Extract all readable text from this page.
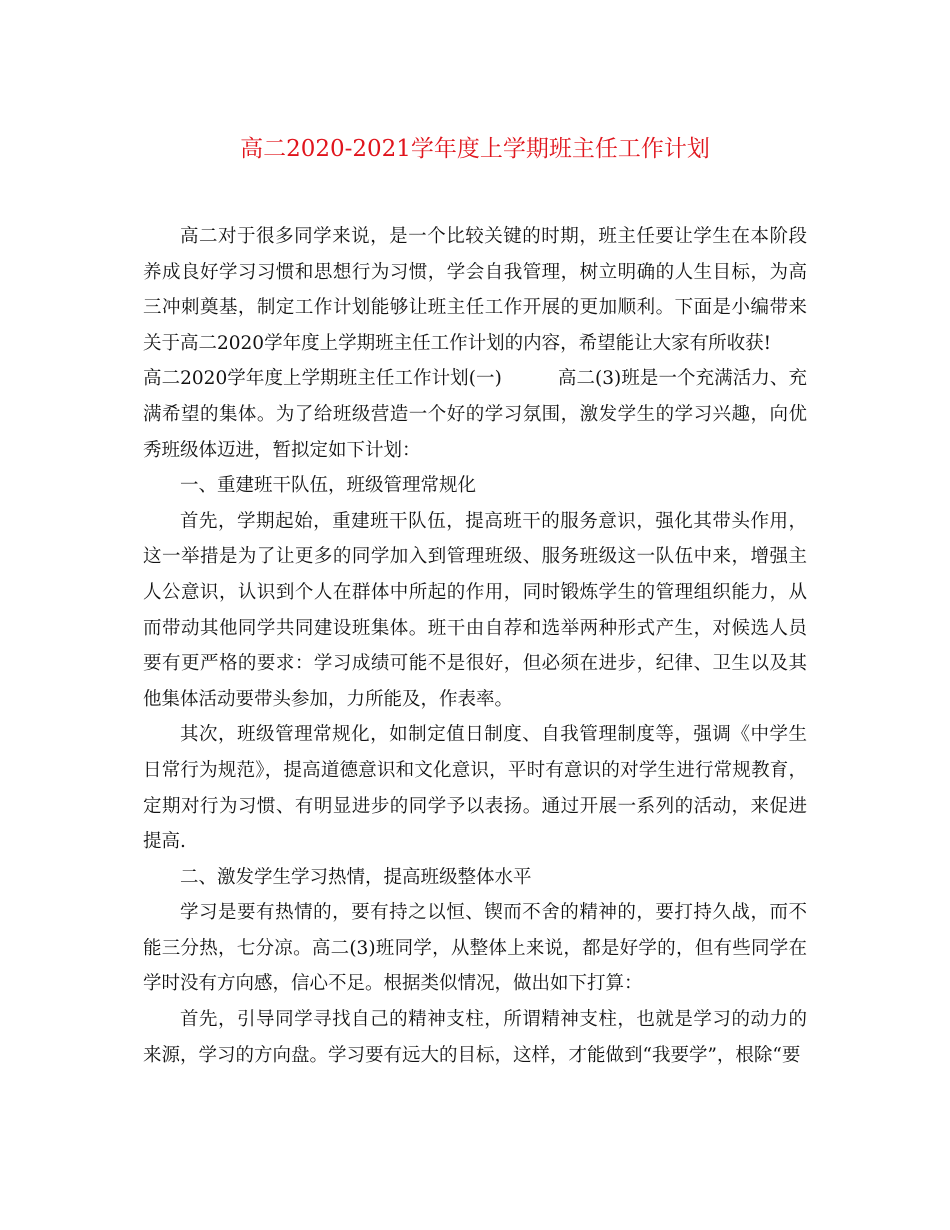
高二2020-2021学年度上学期班主任工作计划

高二对于很多同学来说，是一个比较关键的时期，班主任要让学生在本阶段养成良好学习习惯和思想行为习惯，学会自我管理，树立明确的人生目标，为高三冲刺奠基，制定工作计划能够让班主任工作开展的更加顺利。下面是小编带来关于高二2020学年度上学期班主任工作计划的内容，希望能让大家有所收获!

高二2020学年度上学期班主任工作计划(一)	高二(3)班是一个充满活力、充满希望的集体。为了给班级营造一个好的学习氛围，激发学生的学习兴趣，向优秀班级体迈进，暂拟定如下计划：

一、重建班干队伍，班级管理常规化

首先，学期起始，重建班干队伍，提高班干的服务意识，强化其带头作用，这一举措是为了让更多的同学加入到管理班级、服务班级这一队伍中来，增强主人公意识，认识到个人在群体中所起的作用，同时锻炼学生的管理组织能力，从而带动其他同学共同建设班集体。班干由自荐和选举两种形式产生，对候选人员要有更严格的要求：学习成绩可能不是很好，但必须在进步，纪律、卫生以及其他集体活动要带头参加，力所能及，作表率。

其次，班级管理常规化，如制定值日制度、自我管理制度等，强调《中学生日常行为规范》，提高道德意识和文化意识，平时有意识的对学生进行常规教育，定期对行为习惯、有明显进步的同学予以表扬。通过开展一系列的活动，来促进提高.

二、激发学生学习热情，提高班级整体水平

学习是要有热情的，要有持之以恒、锲而不舍的精神的，要打持久战，而不能三分热，七分凉。高二(3)班同学，从整体上来说，都是好学的，但有些同学在学时没有方向感，信心不足。根据类似情况，做出如下打算：

首先，引导同学寻找自己的精神支柱，所谓精神支柱，也就是学习的动力的来源，学习的方向盘。学习要有远大的目标，这样，才能做到“我要学”，根除“要
